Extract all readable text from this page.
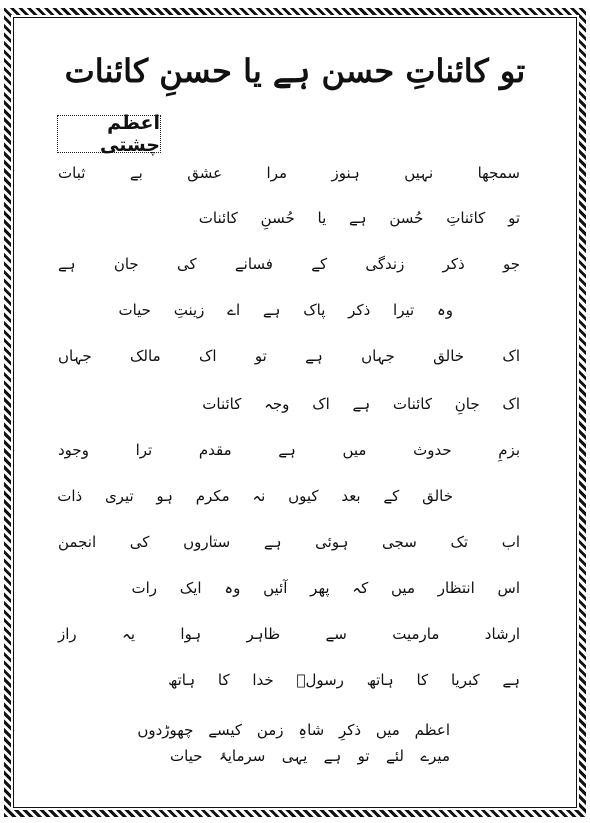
تو کائناتِ حسن ہے یا حسنِ کائنات
اعظم چشتی
سمجھا نہیں ہنوز مرا عشق بے ثبات
تو کائناتِ حُسن ہے یا حُسنِ کائنات
جو ذکر زندگی کے فسانے کی جان ہے
وہ تیرا ذکر پاک ہے اے زینتِ حیات
اک خالق جہاں ہے تو اک مالک جہاں
اک جانِ کائنات ہے اک وجہ کائنات
بزمِ حدوث میں ہے مقدم ترا وجود
خالق کے بعد کیوں نہ مکرم ہو تیری ذات
اب تک سجی ہوئی ہے ستاروں کی انجمن
اس انتظار میں کہ پھر آئیں وہ ایک رات
ارشاد مارمیت سے ظاہر ہوا یہ راز
ہے کبریا کا ہاتھ رسولؐ خدا کا ہاتھ
اعظم میں ذکرِ شاہِ زمن کیسے چھوڑدوں
میرے لئے تو ہے یہی سرمایۂ حیات
